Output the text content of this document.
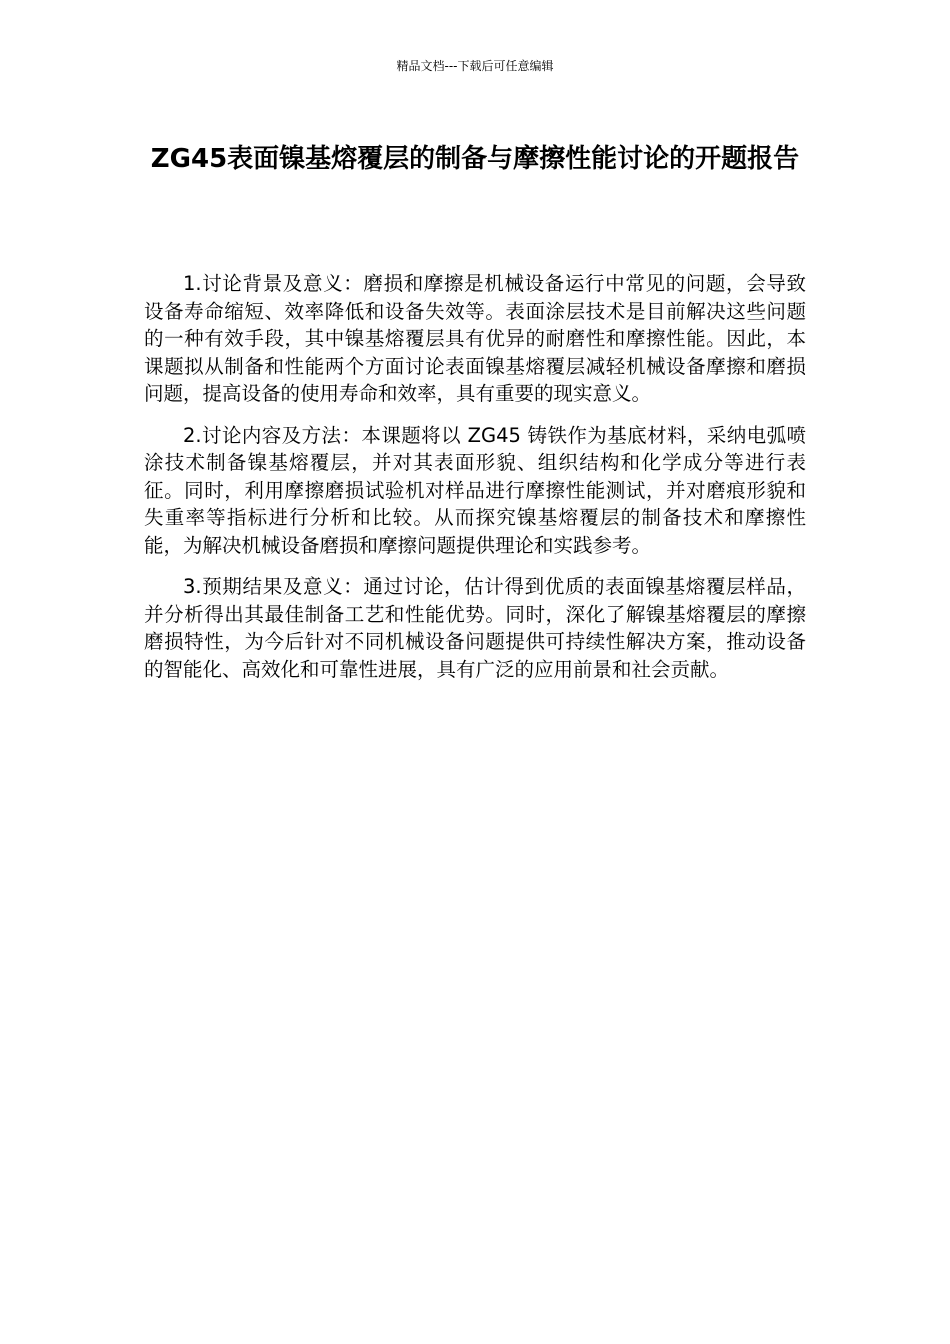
精品文档---下载后可任意编辑
ZG45表面镍基熔覆层的制备与摩擦性能讨论的开题报告

1.讨论背景及意义：磨损和摩擦是机械设备运行中常见的问题，会导致设备寿命缩短、效率降低和设备失效等。表面涂层技术是目前解决这些问题的一种有效手段，其中镍基熔覆层具有优异的耐磨性和摩擦性能。因此，本课题拟从制备和性能两个方面讨论表面镍基熔覆层减轻机械设备摩擦和磨损问题，提高设备的使用寿命和效率，具有重要的现实意义。

2.讨论内容及方法：本课题将以 ZG45 铸铁作为基底材料，采纳电弧喷涂技术制备镍基熔覆层，并对其表面形貌、组织结构和化学成分等进行表征。同时，利用摩擦磨损试验机对样品进行摩擦性能测试，并对磨痕形貌和失重率等指标进行分析和比较。从而探究镍基熔覆层的制备技术和摩擦性能，为解决机械设备磨损和摩擦问题提供理论和实践参考。

3.预期结果及意义：通过讨论，估计得到优质的表面镍基熔覆层样品，并分析得出其最佳制备工艺和性能优势。同时，深化了解镍基熔覆层的摩擦磨损特性，为今后针对不同机械设备问题提供可持续性解决方案，推动设备的智能化、高效化和可靠性进展，具有广泛的应用前景和社会贡献。
